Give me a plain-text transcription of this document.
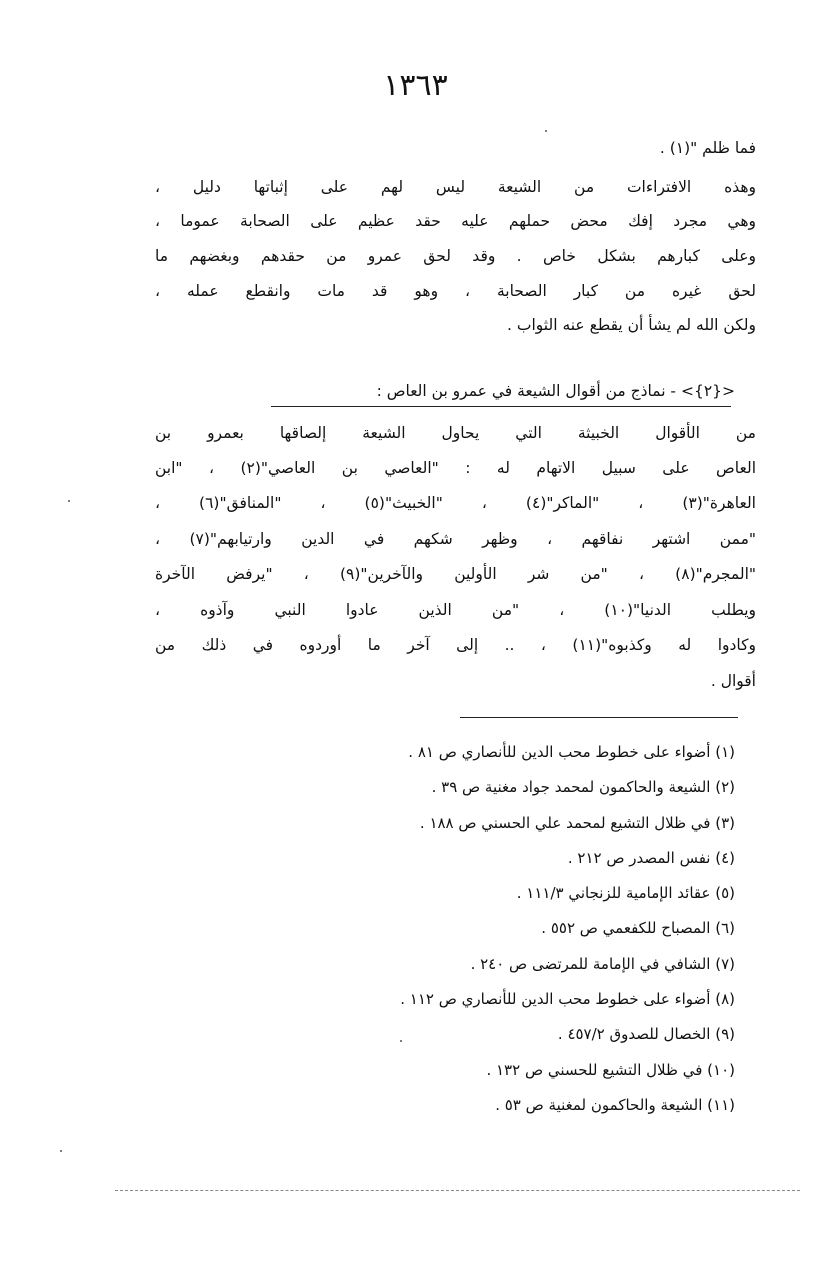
١٣٦٣
فما ظلم "(١) .
وهذه الافتراءات من الشيعة ليس لهم على إثباتها دليل ،
وهي مجرد إفك محض حملهم عليه حقد عظيم على الصحابة عموما ،
وعلى كبارهم بشكل خاص . وقد لحق عمرو من حقدهم وبغضهم ما
لحق غيره من كبار الصحابة ، وهو قد مات وانقطع عمله ،
ولكن الله لم يشأ أن يقطع عنه الثواب .
<{٢}> - نماذج من أقوال الشيعة في عمرو بن العاص :
من الأقوال الخبيثة التي يحاول الشيعة إلصاقها بعمرو بن
العاص على سبيل الاتهام له : "العاصي بن العاصي"(٢) ، "ابن
العاهرة"(٣) ، "الماكر"(٤) ، "الخبيث"(٥) ، "المنافق"(٦) ،
"ممن اشتهر نفاقهم ، وظهر شكهم في الدين وارتيابهم"(٧) ،
"المجرم"(٨) ، "من شر الأولين والآخرين"(٩) ، "يرفض الآخرة
ويطلب الدنيا"(١٠) ، "من الذين عادوا النبي وآذوه ،
وكادوا له وكذبوه"(١١) ، .. إلى آخر ما أوردوه في ذلك من
أقوال .
(١) أضواء على خطوط محب الدين للأنصاري ص ٨١ .
(٢) الشيعة والحاكمون لمحمد جواد مغنية ص ٣٩ .
(٣) في ظلال التشيع لمحمد علي الحسني ص ١٨٨ .
(٤) نفس المصدر ص ٢١٢ .
(٥) عقائد الإمامية للزنجاني ١١١/٣ .
(٦) المصباح للكفعمي ص ٥٥٢ .
(٧) الشافي في الإمامة للمرتضى ص ٢٤٠ .
(٨) أضواء على خطوط محب الدين للأنصاري ص ١١٢ .
(٩) الخصال للصدوق ٤٥٧/٢ .
(١٠) في ظلال التشيع للحسني ص ١٣٢ .
(١١) الشيعة والحاكمون لمغنية ص ٥٣ .
